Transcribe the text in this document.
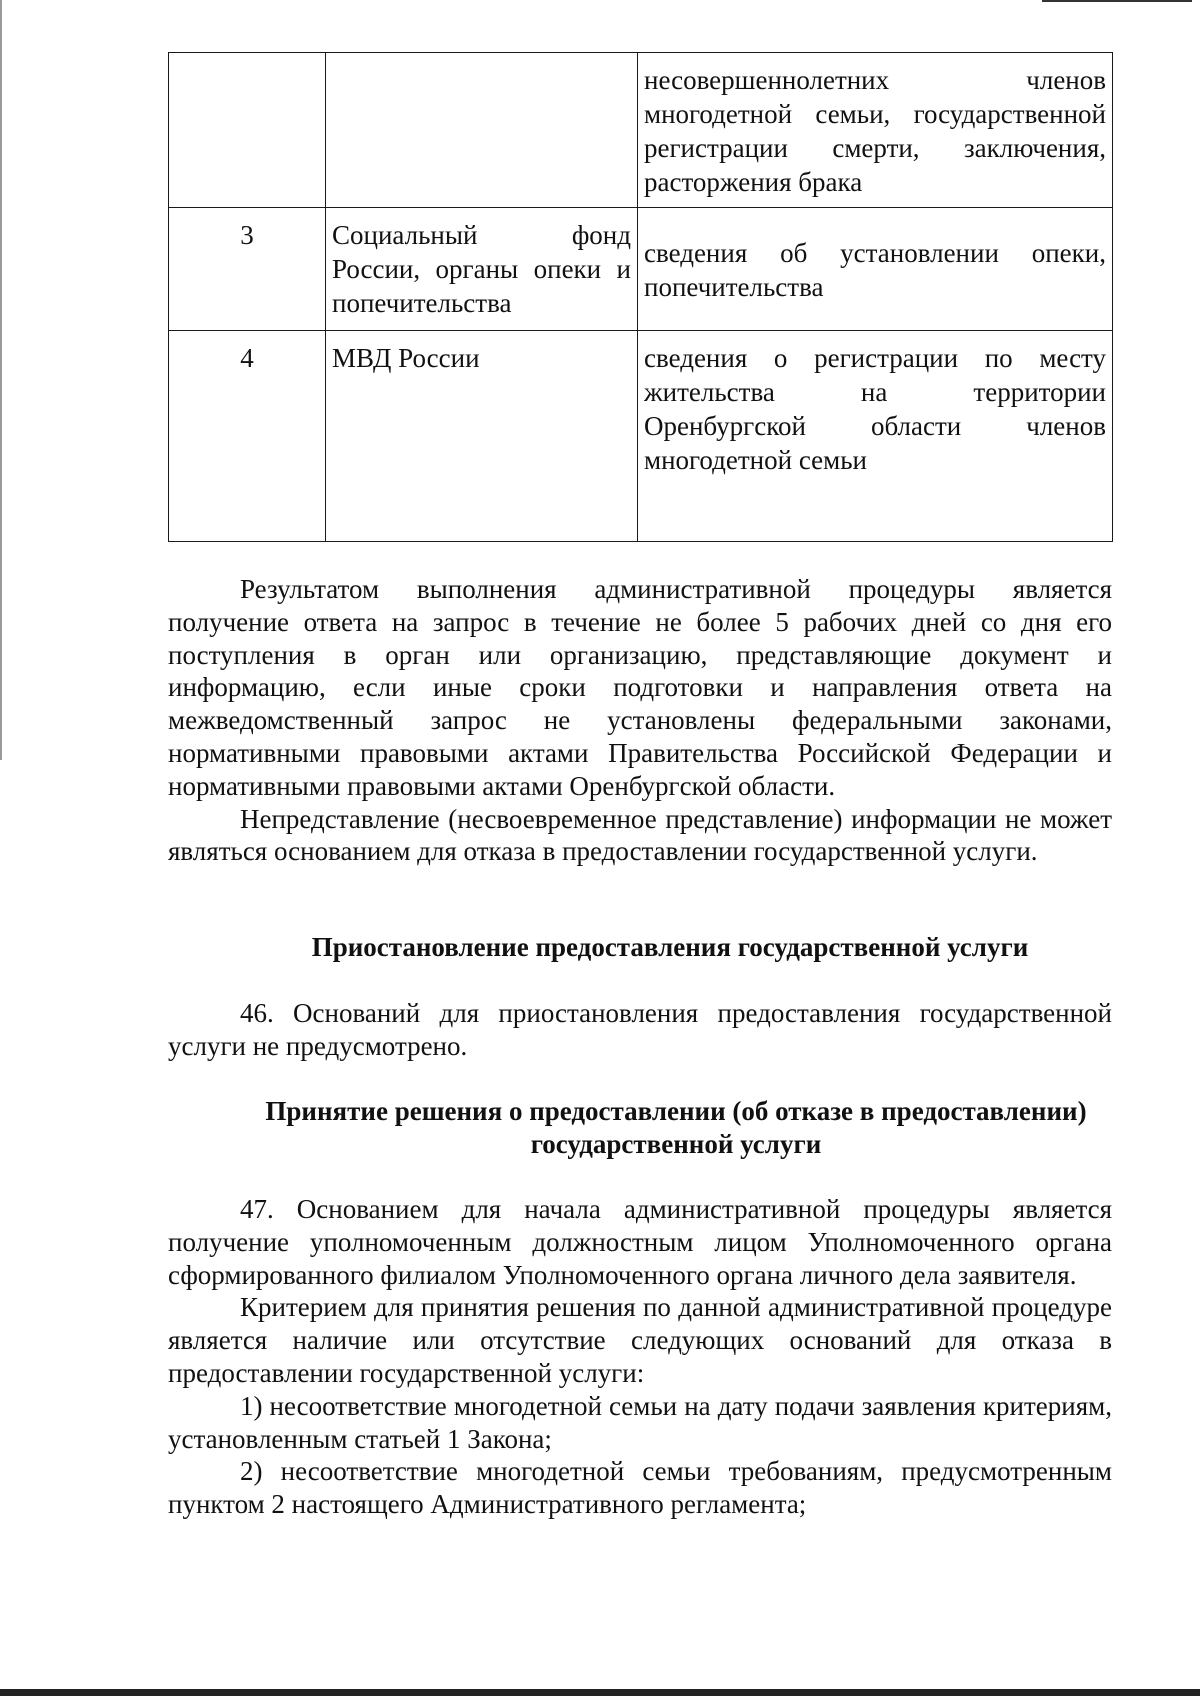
		несовершеннолетних членов многодетной семьи, государственной регистрации смерти, заключения, расторжения брака
3	Социальный фонд России, органы опеки и попечительства	сведения об установлении опеки, попечительства
4	МВД России	сведения о регистрации по месту жительства на территории Оренбургской области членов многодетной семьи

Результатом выполнения административной процедуры является получение ответа на запрос в течение не более 5 рабочих дней со дня его поступления в орган или организацию, представляющие документ и информацию, если иные сроки подготовки и направления ответа на межведомственный запрос не установлены федеральными законами, нормативными правовыми актами Правительства Российской Федерации и нормативными правовыми актами Оренбургской области.

Непредставление (несвоевременное представление) информации не может являться основанием для отказа в предоставлении государственной услуги.

Приостановление предоставления государственной услуги

46. Оснований для приостановления предоставления государственной услуги не предусмотрено.

Принятие решения о предоставлении (об отказе в предоставлении) государственной услуги

47. Основанием для начала административной процедуры является получение уполномоченным должностным лицом Уполномоченного органа сформированного филиалом Уполномоченного органа личного дела заявителя.

Критерием для принятия решения по данной административной процедуре является наличие или отсутствие следующих оснований для отказа в предоставлении государственной услуги:

1) несоответствие многодетной семьи на дату подачи заявления критериям, установленным статьей 1 Закона;

2) несоответствие многодетной семьи требованиям, предусмотренным пунктом 2 настоящего Административного регламента;
